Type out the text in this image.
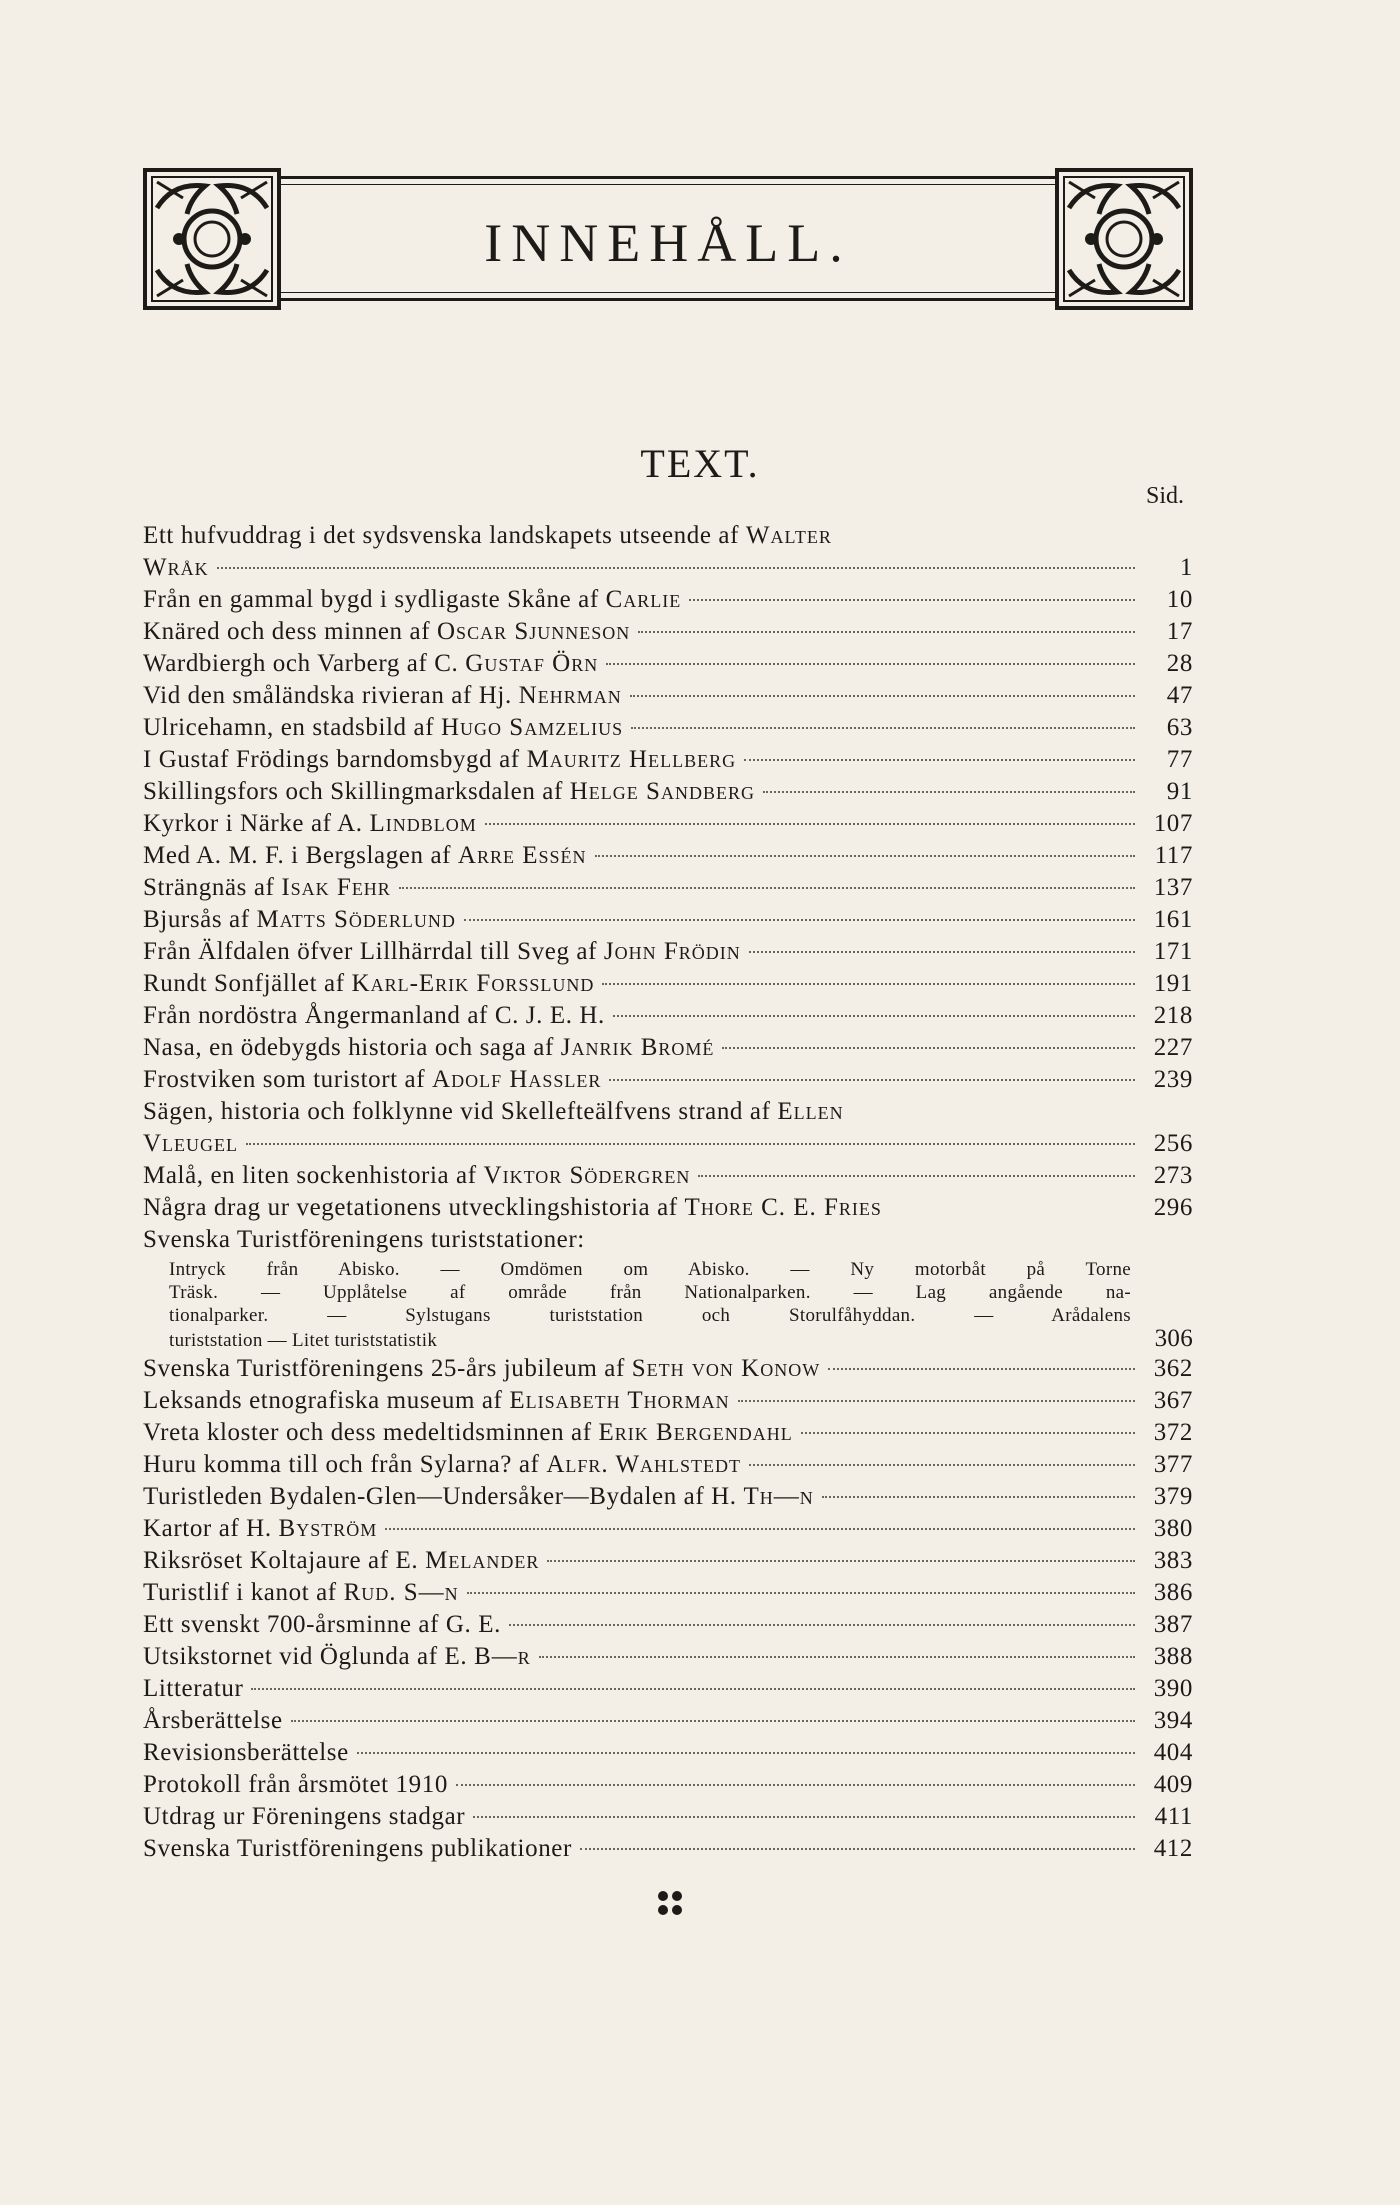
INNEHÅLL.
TEXT.
Sid.
Ett hufvuddrag i det sydsvenska landskapets utseende af Walter
Wråk	1
Från en gammal bygd i sydligaste Skåne af Carlie	10
Knäred och dess minnen af Oscar Sjunneson	17
Wardbiergh och Varberg af C. Gustaf Örn	28
Vid den småländska rivieran af Hj. Nehrman	47
Ulricehamn, en stadsbild af Hugo Samzelius	63
I Gustaf Frödings barndomsbygd af Mauritz Hellberg	77
Skillingsfors och Skillingmarksdalen af Helge Sandberg	91
Kyrkor i Närke af A. Lindblom	107
Med A. M. F. i Bergslagen af Arre Essén	117
Strängnäs af Isak Fehr	137
Bjursås af Matts Söderlund	161
Från Älfdalen öfver Lillhärrdal till Sveg af John Frödin	171
Rundt Sonfjället af Karl-Erik Forsslund	191
Från nordöstra Ångermanland af C. J. E. H.	218
Nasa, en ödebygds historia och saga af Janrik Bromé	227
Frostviken som turistort af Adolf Hassler	239
Sägen, historia och folklynne vid Skellefteälfvens strand af Ellen
Vleugel	256
Malå, en liten sockenhistoria af Viktor Södergren	273
Några drag ur vegetationens utvecklingshistoria af Thore C. E. Fries	296
Svenska Turistföreningens turiststationer:
Intryck från Abisko. — Omdömen om Abisko. — Ny motorbåt på Torne
Träsk. — Upplåtelse af område från Nationalparken. — Lag angående na-
tionalparker. — Sylstugans turiststation och Storulfåhyddan. — Arådalens
turiststation — Litet turiststatistik	306
Svenska Turistföreningens 25-års jubileum af Seth von Konow	362
Leksands etnografiska museum af Elisabeth Thorman	367
Vreta kloster och dess medeltidsminnen af Erik Bergendahl	372
Huru komma till och från Sylarna? af Alfr. Wahlstedt	377
Turistleden Bydalen-Glen—Undersåker—Bydalen af H. Th—n	379
Kartor af H. Byström	380
Riksröset Koltajaure af E. Melander	383
Turistlif i kanot af Rud. S—n	386
Ett svenskt 700-årsminne af G. E.	387
Utsikstornet vid Öglunda af E. B—r	388
Litteratur	390
Årsberättelse	394
Revisionsberättelse	404
Protokoll från årsmötet 1910	409
Utdrag ur Föreningens stadgar	411
Svenska Turistföreningens publikationer	412
